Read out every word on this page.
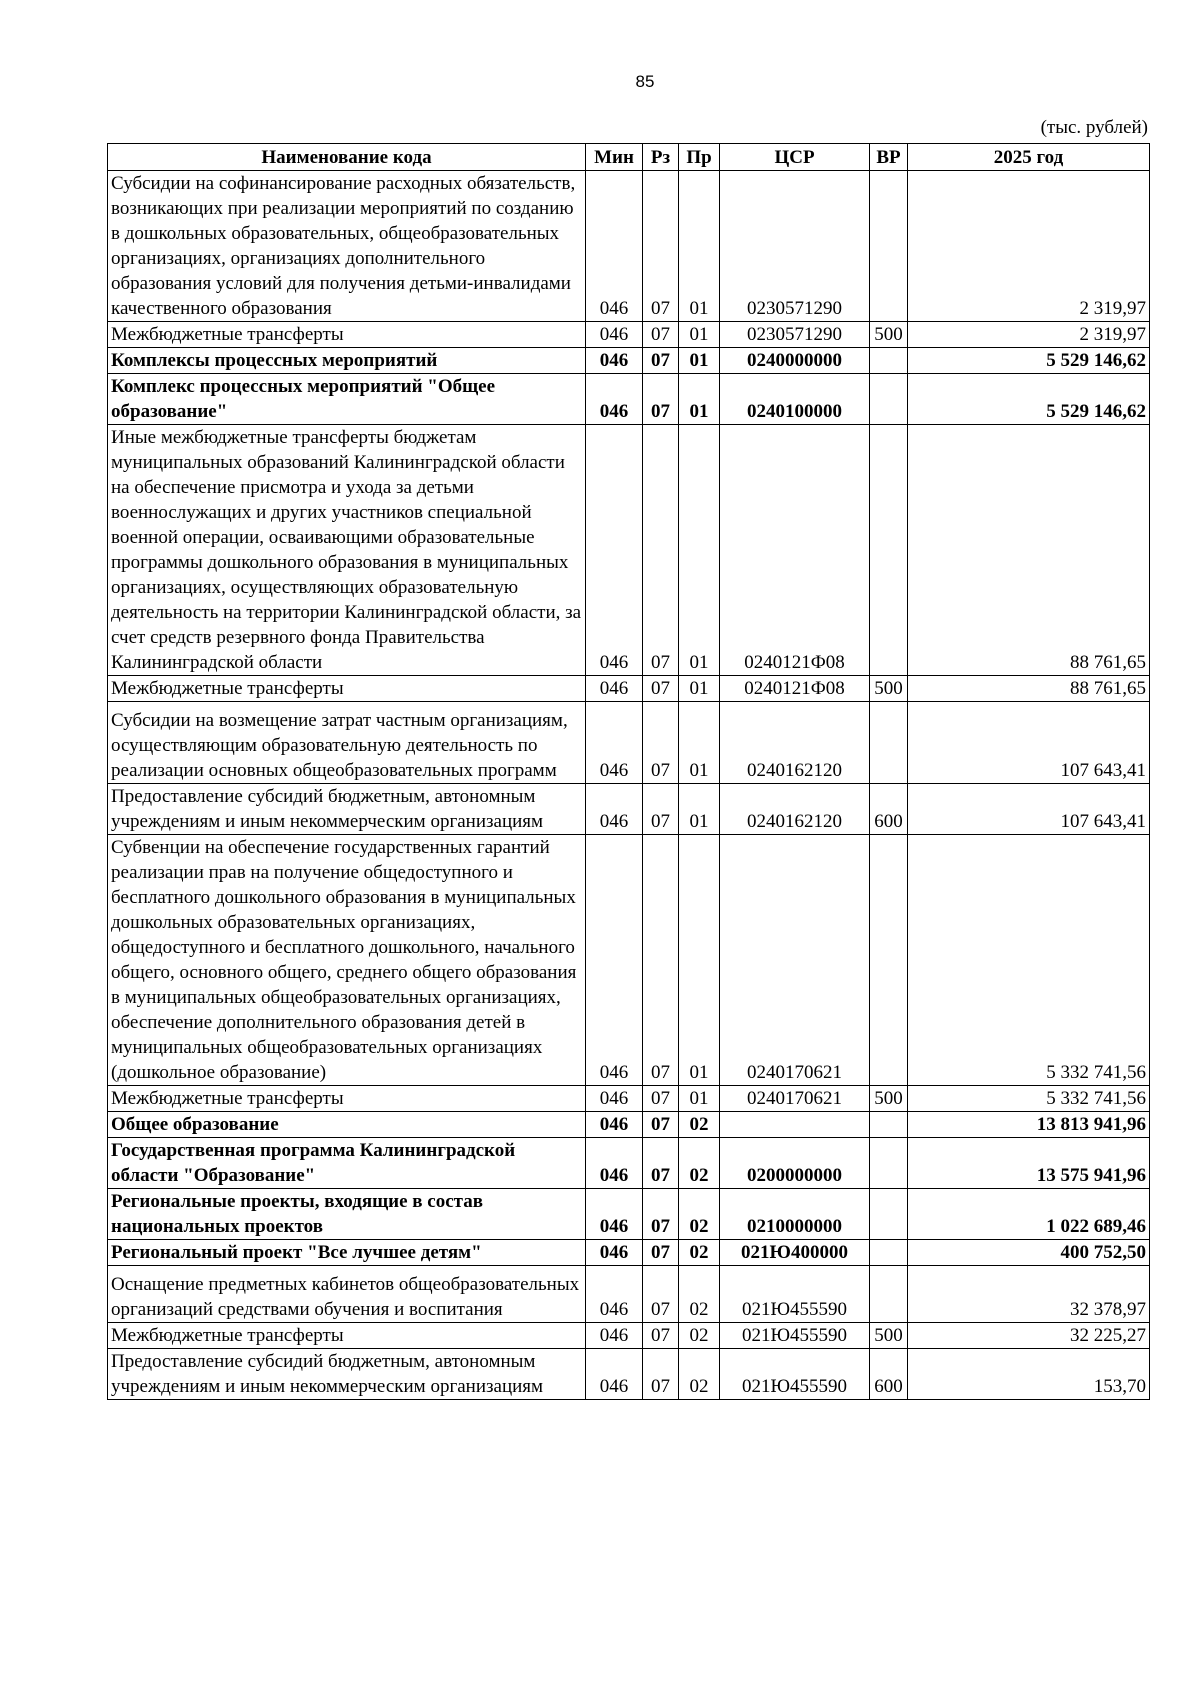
85
(тыс. рублей)
Наименование кода	Мин	Рз	Пр	ЦСР	ВР	2025 год
Субсидии на софинансирование расходных обязательств, возникающих при реализации мероприятий по созданию в дошкольных образовательных, общеобразовательных организациях, организациях дополнительного образования условий для получения детьми-инвалидами качественного образования	046	07	01	0230571290		2 319,97
Межбюджетные трансферты	046	07	01	0230571290	500	2 319,97
Комплексы процессных мероприятий	046	07	01	0240000000		5 529 146,62
Комплекс процессных мероприятий "Общее образование"	046	07	01	0240100000		5 529 146,62
Иные межбюджетные трансферты бюджетам муниципальных образований Калининградской области на обеспечение присмотра и ухода за детьми военнослужащих и других участников специальной военной операции, осваивающими образовательные программы дошкольного образования в муниципальных организациях, осуществляющих образовательную деятельность на территории Калининградской области, за счет средств резервного фонда Правительства Калининградской области	046	07	01	0240121Ф08		88 761,65
Межбюджетные трансферты	046	07	01	0240121Ф08	500	88 761,65
Субсидии на возмещение затрат частным организациям, осуществляющим образовательную деятельность по реализации основных общеобразовательных программ	046	07	01	0240162120		107 643,41
Предоставление субсидий бюджетным, автономным учреждениям и иным некоммерческим организациям	046	07	01	0240162120	600	107 643,41
Субвенции на обеспечение государственных гарантий реализации прав на получение общедоступного и бесплатного дошкольного образования в муниципальных дошкольных образовательных организациях, общедоступного и бесплатного дошкольного, начального общего, основного общего, среднего общего образования в муниципальных общеобразовательных организациях, обеспечение дополнительного образования детей в муниципальных общеобразовательных организациях (дошкольное образование)	046	07	01	0240170621		5 332 741,56
Межбюджетные трансферты	046	07	01	0240170621	500	5 332 741,56
Общее образование	046	07	02			13 813 941,96
Государственная программа Калининградской области "Образование"	046	07	02	0200000000		13 575 941,96
Региональные проекты, входящие в состав национальных проектов	046	07	02	0210000000		1 022 689,46
Региональный проект "Все лучшее детям"	046	07	02	021Ю400000		400 752,50
Оснащение предметных кабинетов общеобразовательных организаций средствами обучения и воспитания	046	07	02	021Ю455590		32 378,97
Межбюджетные трансферты	046	07	02	021Ю455590	500	32 225,27
Предоставление субсидий бюджетным, автономным учреждениям и иным некоммерческим организациям	046	07	02	021Ю455590	600	153,70
